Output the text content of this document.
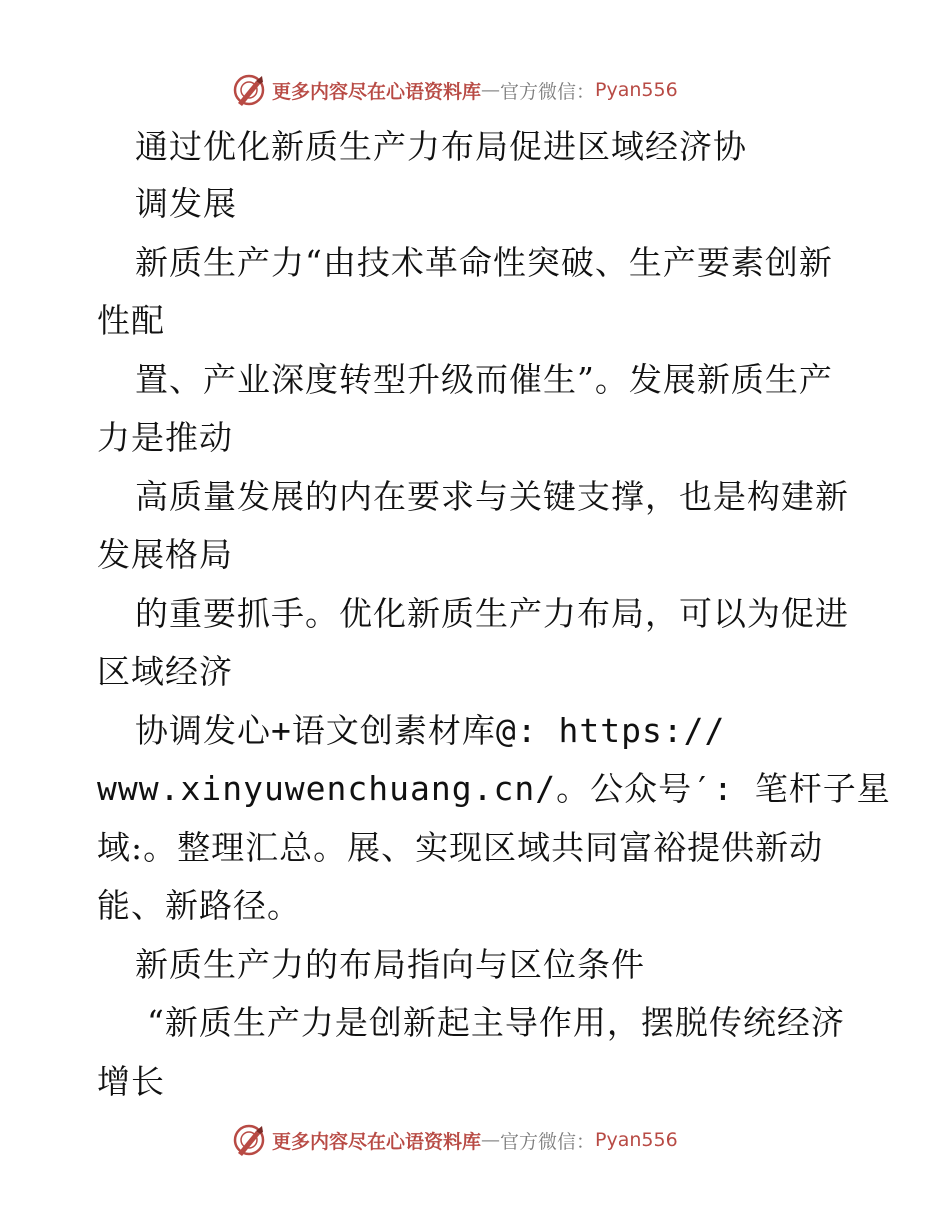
更多内容尽在心语资料库 — 官方微信： Pyan556
通过优化新质生产力布局促进区域经济协
调发展
新质生产力“由技术革命性突破、生产要素创新
性配
置、产业深度转型升级而催生”。发展新质生产
力是推动
高质量发展的内在要求与关键支撑，也是构建新
发展格局
的重要抓手。优化新质生产力布局，可以为促进
区域经济
协调发心+语文创素材库@: https://
www.xinyuwenchuang.cn/。公众号′: 笔杆子星
域:。整理汇总。展、实现区域共同富裕提供新动
能、新路径。
新质生产力的布局指向与区位条件
“新质生产力是创新起主导作用，摆脱传统经济
增长
更多内容尽在心语资料库 — 官方微信： Pyan556
